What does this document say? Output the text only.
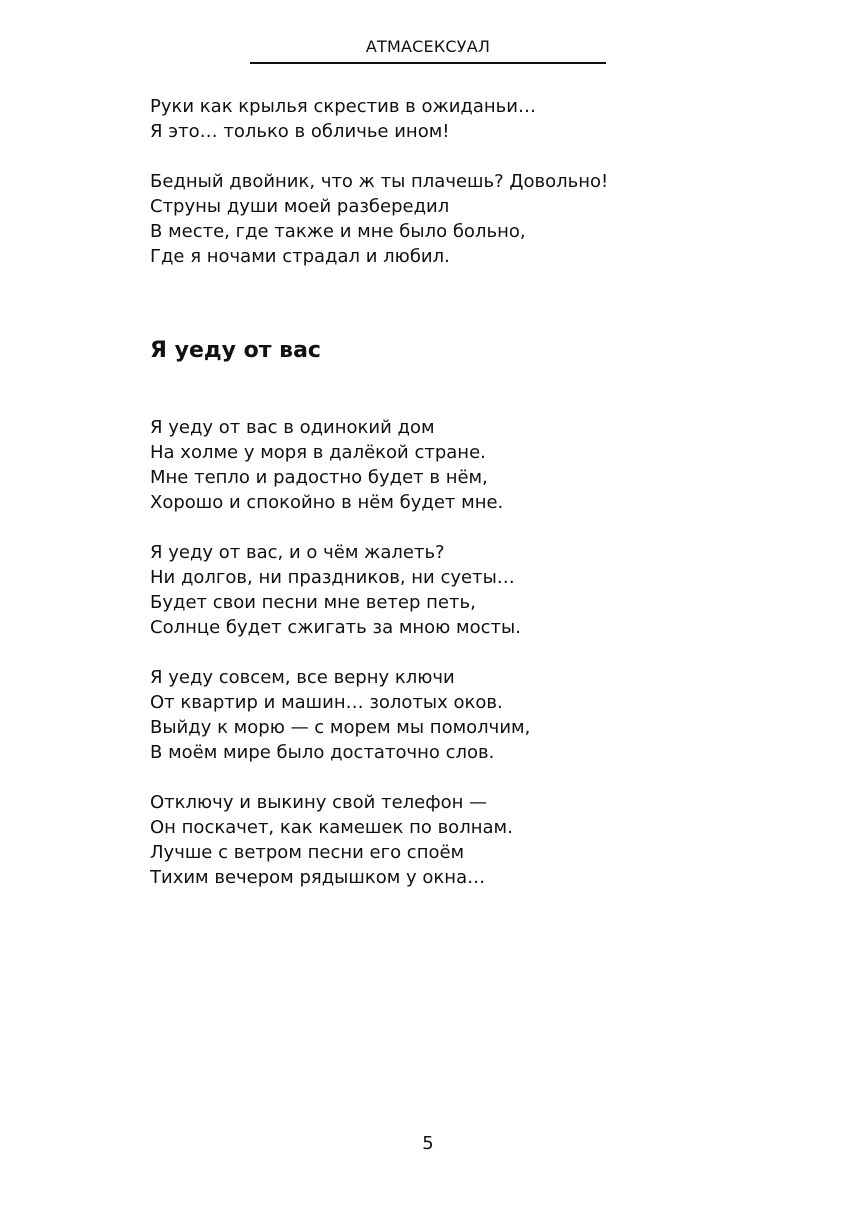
АТМАСЕКСУАЛ
Руки как крылья скрестив в ожиданьи…
Я это… только в обличье ином!
Бедный двойник, что ж ты плачешь? Довольно!
Струны души моей разбередил
В месте, где также и мне было больно,
Где я ночами страдал и любил.
Я уеду от вас
Я уеду от вас в одинокий дом
На холме у моря в далёкой стране.
Мне тепло и радостно будет в нём,
Хорошо и спокойно в нём будет мне.
Я уеду от вас, и о чём жалеть?
Ни долгов, ни праздников, ни суеты…
Будет свои песни мне ветер петь,
Солнце будет сжигать за мною мосты.
Я уеду совсем, все верну ключи
От квартир и машин… золотых оков.
Выйду к морю — с морем мы помолчим,
В моём мире было достаточно слов.
Отключу и выкину свой телефон —
Он поскачет, как камешек по волнам.
Лучше с ветром песни его споём
Тихим вечером рядышком у окна…
5
